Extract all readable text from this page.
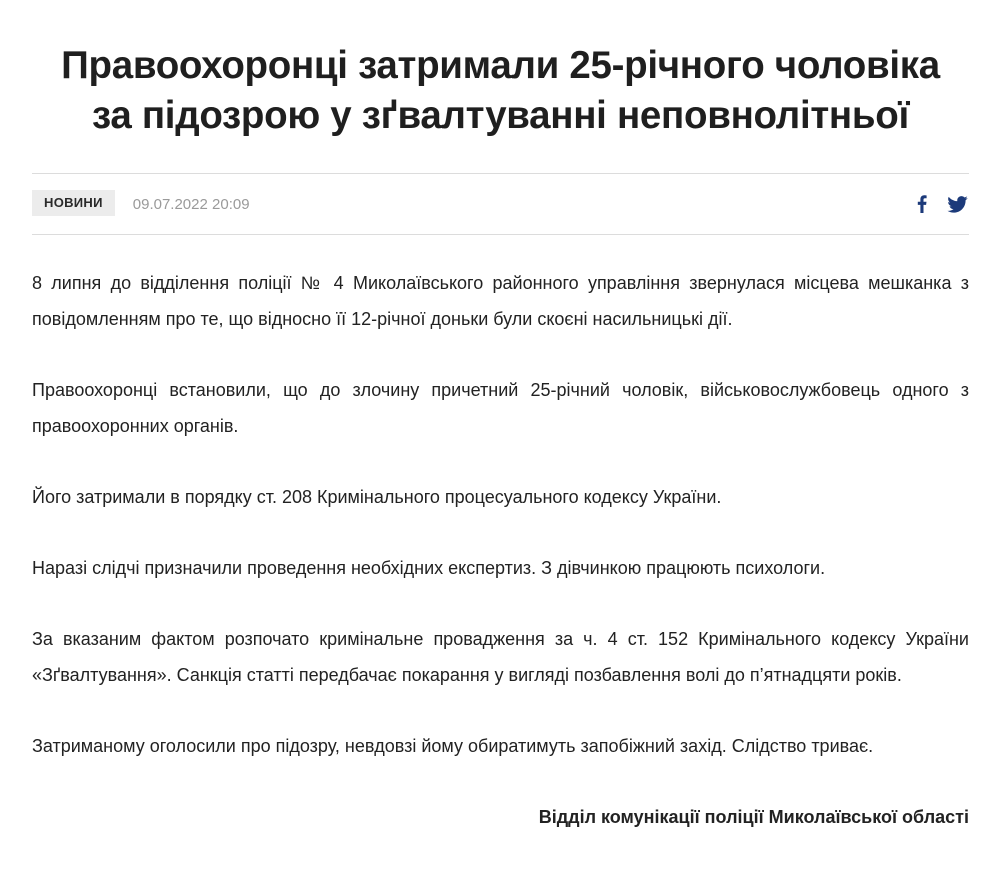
Правоохоронці затримали 25-річного чоловіка
за підозрою у зґвалтуванні неповнолітньої
НОВИНИ	09.07.2022 20:09

8 липня до відділення поліції № 4 Миколаївського районного управління звернулася місцева мешканка з повідомленням про те, що відносно її 12-річної доньки були скоєні насильницькі дії.

Правоохоронці встановили, що до злочину причетний 25-річний чоловік, військовослужбовець одного з правоохоронних органів.

Його затримали в порядку ст. 208 Кримінального процесуального кодексу України.

Наразі слідчі призначили проведення необхідних експертиз. З дівчинкою працюють психологи.

За вказаним фактом розпочато кримінальне провадження за ч. 4 ст. 152 Кримінального кодексу України «Зґвалтування». Санкція статті передбачає покарання у вигляді позбавлення волі до п’ятнадцяти років.

Затриманому оголосили про підозру, невдовзі йому обиратимуть запобіжний захід. Слідство триває.

Відділ комунікації поліції Миколаївської області
